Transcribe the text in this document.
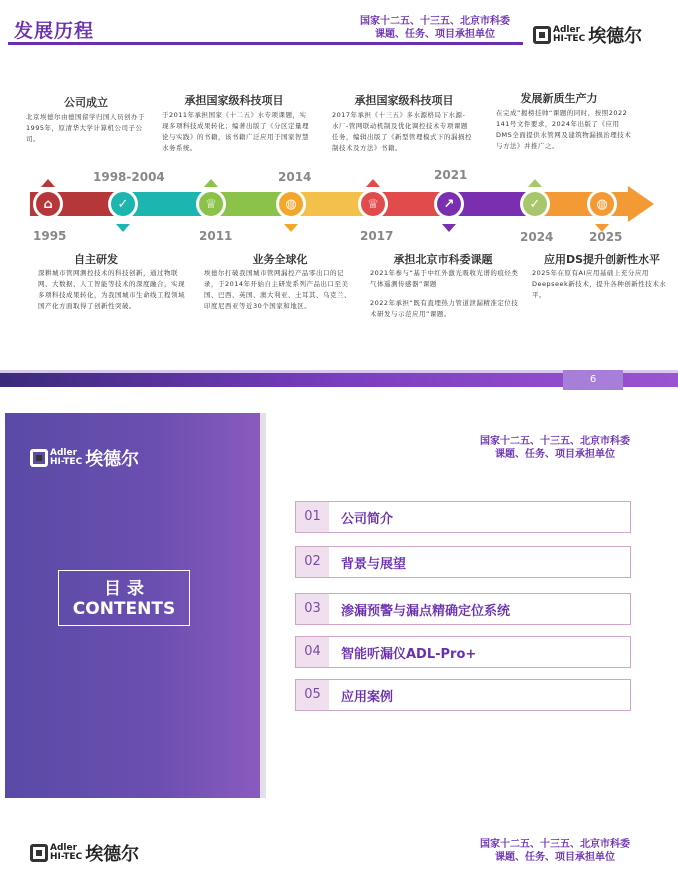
发展历程	国家十二五、十三五、北京市科委课题、任务、项目承担单位	Adler
HI-TEC 埃德尔
⌂	✓	♕	◍	♕	↗	✓	◍
1995
1998-2004
2011
2014
2017
2021
2024	2025
公司成立
北京埃德尔由德国留学归国人员创办于1995年，原清华大学计算机公司子公司。
承担国家级科技项目
于2011年承担国家《十二五》水专项课题，实现多项科技成果转化；编著出版了《分区定量理论与实践》的书籍，该书籍广泛应用于国家智慧水务系统。
承担国家级科技项目
2017年承担《十三五》多水源格局下水源-水厂-管网联动机制及优化调控技术专项课题任务，编辑出版了《新型管理模式下的漏损控制技术及方法》书籍。
发展新质生产力
在完成”揭榜挂帅“课题的同时，按照2022 141号文件要求，2024年出版了《应用DMS全面提供水管网及建筑物漏损治理技术与方法》并推广之。
自主研发
深耕城市管网测控技术的科技创新，通过物联网、大数据、人工智能等技术的深度融合，实现多项科技成果转化，为我国城市生命线工程领域国产化方面取得了创新性突破。
业务全球化
埃德尔打破我国城市管网漏控产品零出口的记录，于2014年开始自主研发系列产品出口至美国、巴西、英国、澳大利亚、土耳其、乌克兰、印度尼西亚等近30个国家和地区。
承担北京市科委课题
2021年参与“基于中红外激光吸收光谱的痕烃类气体遥测传感器”课题
2022年承担“既有直埋热力管道泄漏精准定位技术研发与示范应用”课题。
应用DS提升创新性水平
2025年在原有AI应用基础上充分应用Deepseek新技术，提升各种创新性技术水平。
6
Adler
HI-TEC 埃德尔
目 录
CONTENTS
国家十二五、十三五、北京市科委课题、任务、项目承担单位
01	公司简介
02	背景与展望
03	渗漏预警与漏点精确定位系统
04	智能听漏仪ADL-Pro+
05	应用案例
Adler
HI-TEC 埃德尔	国家十二五、十三五、北京市科委课题、任务、项目承担单位
